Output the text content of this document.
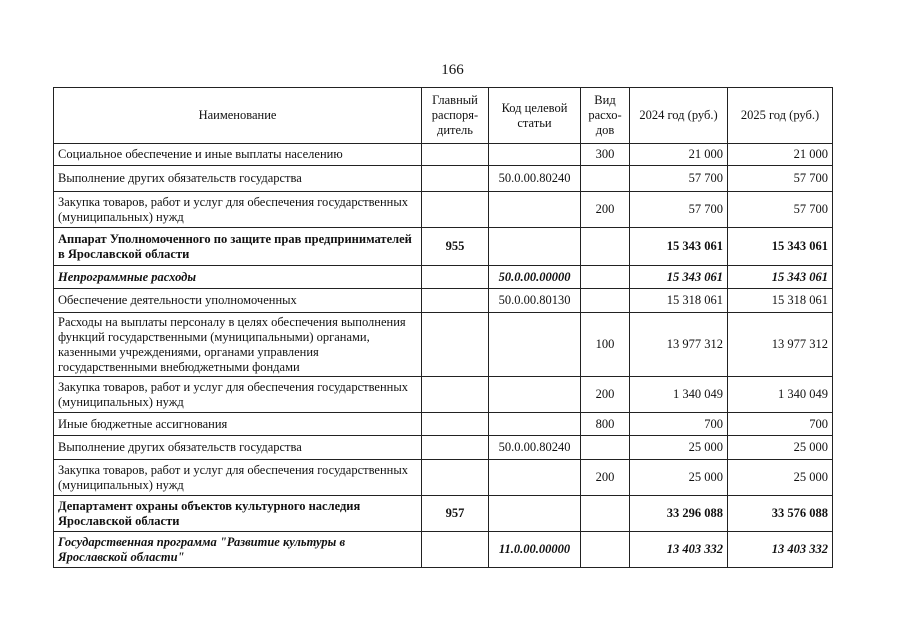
166
Наименование	Главный распоря-дитель	Код целевой статьи	Вид расхо-дов	2024 год (руб.)	2025 год (руб.)
Социальное обеспечение и иные выплаты населению			300	21 000	21 000
Выполнение других обязательств государства		50.0.00.80240		57 700	57 700
Закупка товаров, работ и услуг для обеспечения государственных (муниципальных) нужд			200	57 700	57 700
Аппарат Уполномоченного по защите прав предпринимателей в Ярославской области	955			15 343 061	15 343 061
Непрограммные расходы		50.0.00.00000		15 343 061	15 343 061
Обеспечение деятельности уполномоченных		50.0.00.80130		15 318 061	15 318 061
Расходы на выплаты персоналу в целях обеспечения выполнения функций государственными (муниципальными) органами, казенными учреждениями, органами управления государственными внебюджетными фондами			100	13 977 312	13 977 312
Закупка товаров, работ и услуг для обеспечения государственных (муниципальных) нужд			200	1 340 049	1 340 049
Иные бюджетные ассигнования			800	700	700
Выполнение других обязательств государства		50.0.00.80240		25 000	25 000
Закупка товаров, работ и услуг для обеспечения государственных (муниципальных) нужд			200	25 000	25 000
Департамент охраны объектов культурного наследия Ярославской области	957			33 296 088	33 576 088
Государственная программа "Развитие культуры в Ярославской области"		11.0.00.00000		13 403 332	13 403 332
